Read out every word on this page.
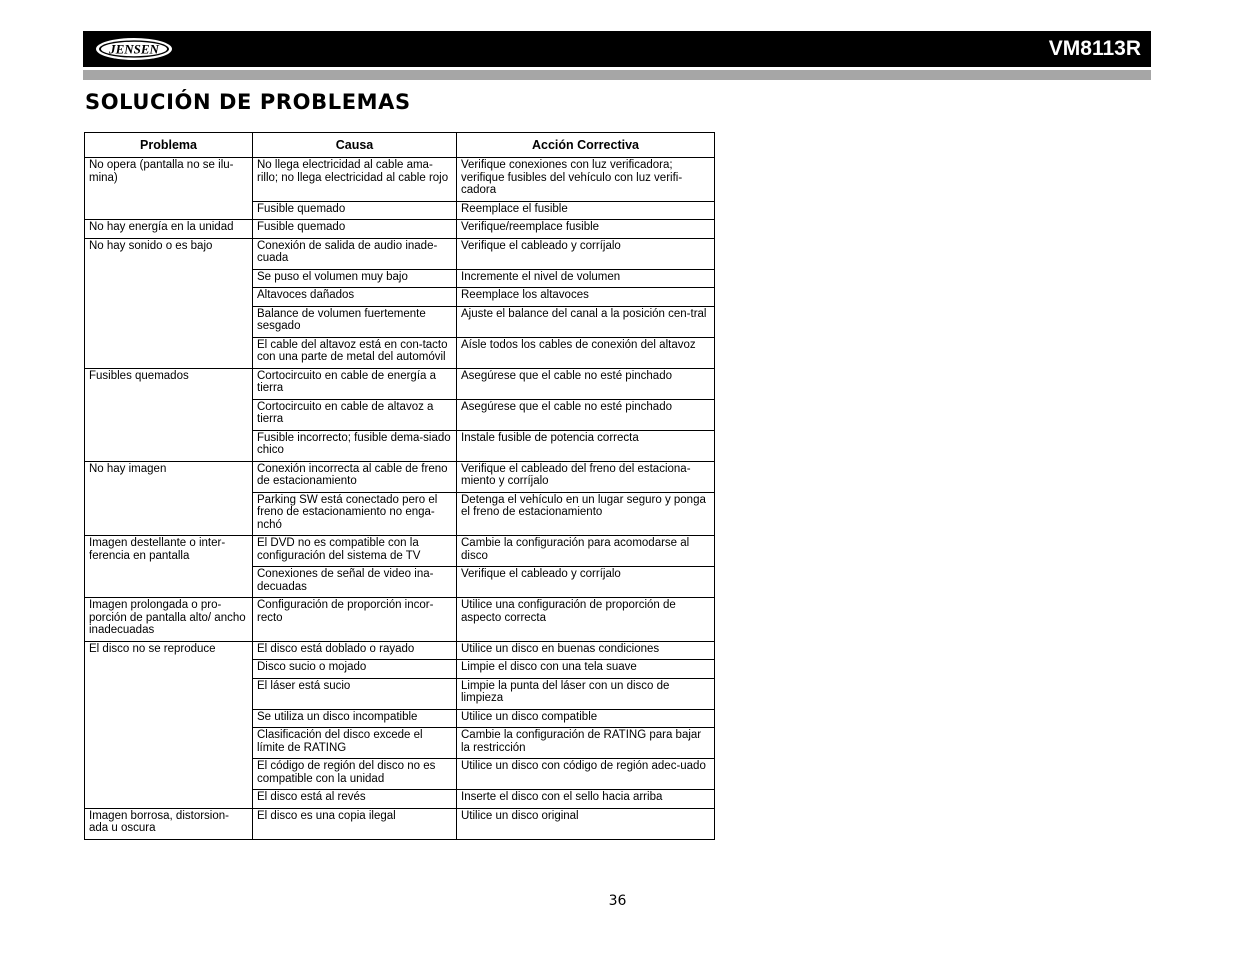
JENSEN	VM8113R
SOLUCIÓN DE PROBLEMAS
Problema	Causa	Acción Correctiva
No opera (pantalla no se ilu-mina)	No llega electricidad al cable ama-rillo; no llega electricidad al cable rojo	Verifique conexiones con luz verificadora; verifique fusibles del vehículo con luz verifi-cadora
	Fusible quemado	Reemplace el fusible
No hay energía en la unidad	Fusible quemado	Verifique/reemplace fusible
No hay sonido o es bajo	Conexión de salida de audio inade-cuada	Verifique el cableado y corríjalo
	Se puso el volumen muy bajo	Incremente el nivel de volumen
	Altavoces dañados	Reemplace los altavoces
	Balance de volumen fuertemente sesgado	Ajuste el balance del canal a la posición cen-tral
	El cable del altavoz está en con-tacto con una parte de metal del automóvil	Aísle todos los cables de conexión del altavoz
Fusibles quemados	Cortocircuito en cable de energía a tierra	Asegúrese que el cable no esté pinchado
	Cortocircuito en cable de altavoz a tierra	Asegúrese que el cable no esté pinchado
	Fusible incorrecto; fusible dema-siado chico	Instale fusible de potencia correcta
No hay imagen	Conexión incorrecta al cable de freno de estacionamiento	Verifique el cableado del freno del estaciona-miento y corríjalo
	Parking SW está conectado pero el freno de estacionamiento no enga-nchó	Detenga el vehículo en un lugar seguro y ponga el freno de estacionamiento
Imagen destellante o inter-ferencia en pantalla	El DVD no es compatible con la configuración del sistema de TV	Cambie la configuración para acomodarse al disco
	Conexiones de señal de video ina-decuadas	Verifique el cableado y corríjalo
Imagen prolongada o pro-porción de pantalla alto/ ancho inadecuadas	Configuración de proporción incor-recto	Utilice una configuración de proporción de aspecto correcta
El disco no se reproduce	El disco está doblado o rayado	Utilice un disco en buenas condiciones
	Disco sucio o mojado	Limpie el disco con una tela suave
	El láser está sucio	Limpie la punta del láser con un disco de limpieza
	Se utiliza un disco incompatible	Utilice un disco compatible
	Clasificación del disco excede el límite de RATING	Cambie la configuración de RATING para bajar la restricción
	El código de región del disco no es compatible con la unidad	Utilice un disco con código de región adec-uado
	El disco está al revés	Inserte el disco con el sello hacia arriba
Imagen borrosa, distorsion-ada u oscura	El disco es una copia ilegal	Utilice un disco original
36
